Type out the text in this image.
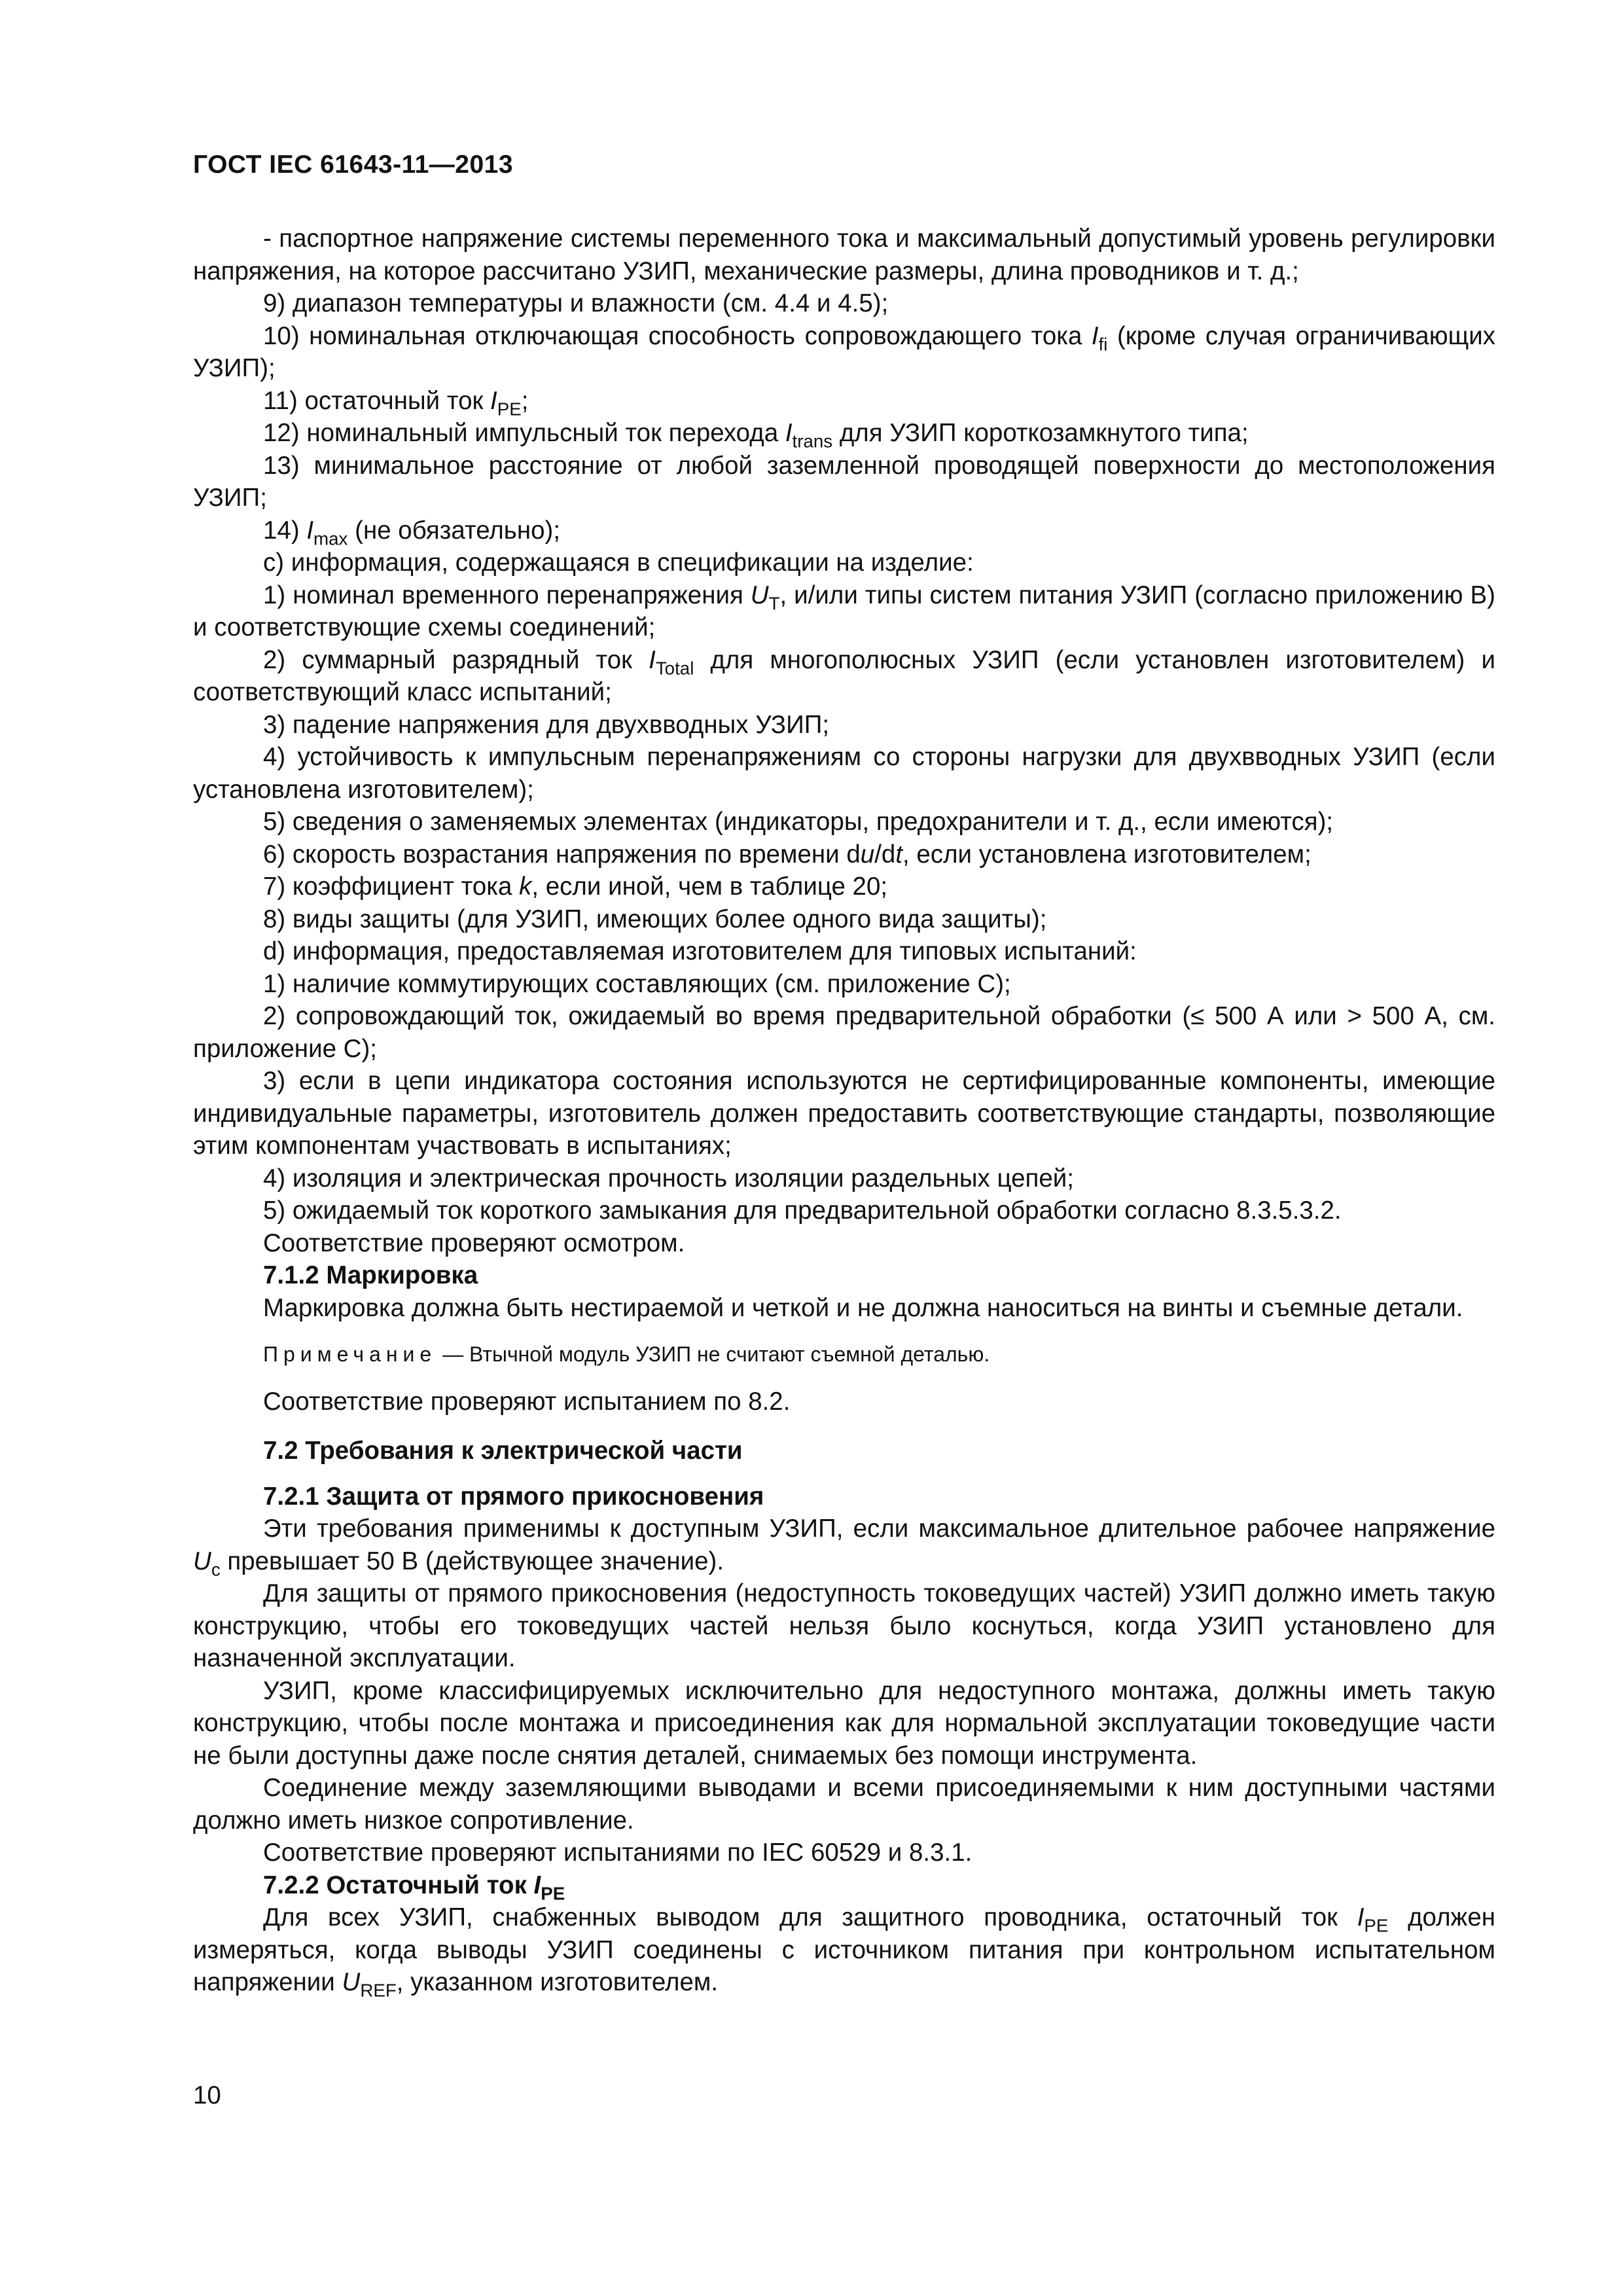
ГОСТ IEC 61643-11—2013

- паспортное напряжение системы переменного тока и максимальный допустимый уровень регулировки напряжения, на которое рассчитано УЗИП, механические размеры, длина проводников и т. д.;

9) диапазон температуры и влажности (см. 4.4 и 4.5);

10) номинальная отключающая способность сопровождающего тока $I_{fi}$ (кроме случая ограничивающих УЗИП);

11) остаточный ток $I_{PE}$;

12) номинальный импульсный ток перехода $I_{trans}$ для УЗИП короткозамкнутого типа;

13) минимальное расстояние от любой заземленной проводящей поверхности до местоположения УЗИП;

14) $I_{max}$ (не обязательно);

c) информация, содержащаяся в спецификации на изделие:

1) номинал временного перенапряжения $U_T$, и/или типы систем питания УЗИП (согласно приложению B) и соответствующие схемы соединений;

2) суммарный разрядный ток $I_{Total}$ для многополюсных УЗИП (если установлен изготовителем) и соответствующий класс испытаний;

3) падение напряжения для двухвводных УЗИП;

4) устойчивость к импульсным перенапряжениям со стороны нагрузки для двухвводных УЗИП (если установлена изготовителем);

5) сведения о заменяемых элементах (индикаторы, предохранители и т. д., если имеются);

6) скорость возрастания напряжения по времени du/dt, если установлена изготовителем;

7) коэффициент тока k, если иной, чем в таблице 20;

8) виды защиты (для УЗИП, имеющих более одного вида защиты);

d) информация, предоставляемая изготовителем для типовых испытаний:

1) наличие коммутирующих составляющих (см. приложение C);

2) сопровождающий ток, ожидаемый во время предварительной обработки (≤ 500 А или > 500 А, см. приложение С);

3) если в цепи индикатора состояния используются не сертифицированные компоненты, имеющие индивидуальные параметры, изготовитель должен предоставить соответствующие стандарты, позволяющие этим компонентам участвовать в испытаниях;

4) изоляция и электрическая прочность изоляции раздельных цепей;

5) ожидаемый ток короткого замыкания для предварительной обработки согласно 8.3.5.3.2.

Соответствие проверяют осмотром.

7.1.2 Маркировка

Маркировка должна быть нестираемой и четкой и не должна наноситься на винты и съемные детали.

Примечание — Втычной модуль УЗИП не считают съемной деталью.

Соответствие проверяют испытанием по 8.2.

7.2 Требования к электрической части

7.2.1 Защита от прямого прикосновения

Эти требования применимы к доступным УЗИП, если максимальное длительное рабочее напряжение $U_c$ превышает 50 В (действующее значение).

Для защиты от прямого прикосновения (недоступность токоведущих частей) УЗИП должно иметь такую конструкцию, чтобы его токоведущих частей нельзя было коснуться, когда УЗИП установлено для назначенной эксплуатации.

УЗИП, кроме классифицируемых исключительно для недоступного монтажа, должны иметь такую конструкцию, чтобы после монтажа и присоединения как для нормальной эксплуатации токоведущие части не были доступны даже после снятия деталей, снимаемых без помощи инструмента.

Соединение между заземляющими выводами и всеми присоединяемыми к ним доступными частями должно иметь низкое сопротивление.

Соответствие проверяют испытаниями по IEC 60529 и 8.3.1.

7.2.2 Остаточный ток $I_{PE}$

Для всех УЗИП, снабженных выводом для защитного проводника, остаточный ток $I_{PE}$ должен измеряться, когда выводы УЗИП соединены с источником питания при контрольном испытательном напряжении $U_{REF}$, указанном изготовителем.

10
